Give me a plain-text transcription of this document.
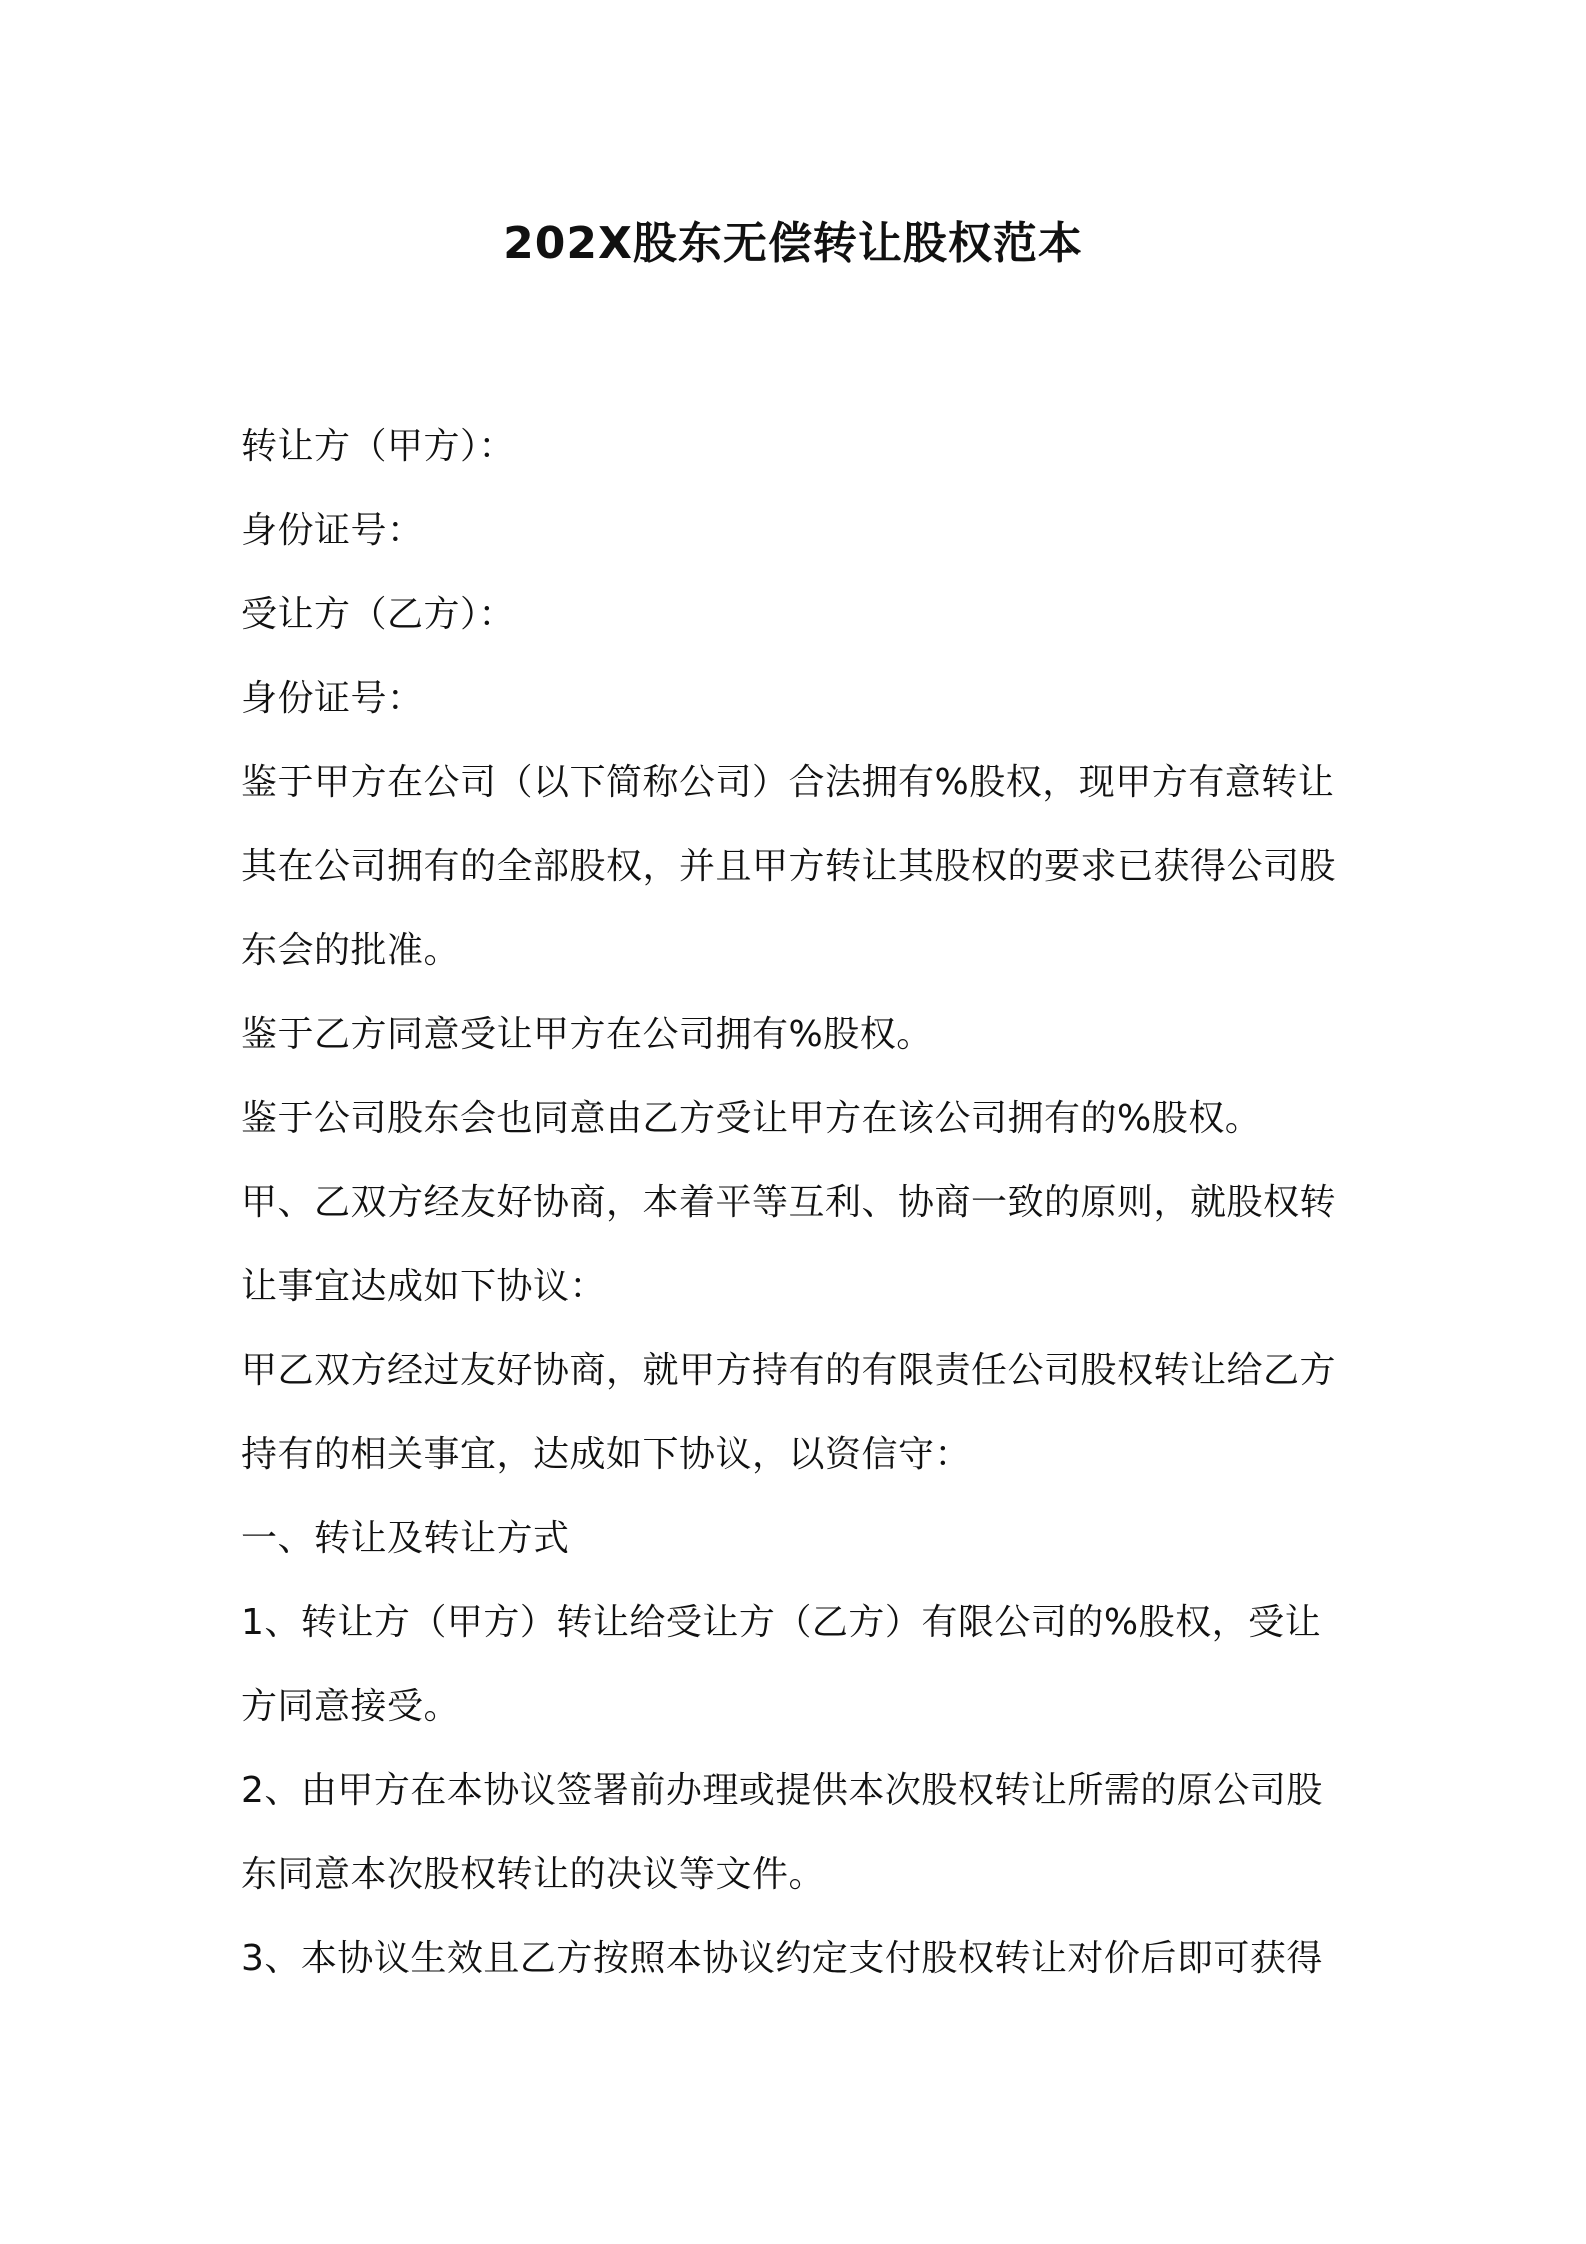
202X股东无偿转让股权范本
转让方（甲方）：
身份证号：
受让方（乙方）：
身份证号：
鉴于甲方在公司（以下简称公司）合法拥有%股权，现甲方有意转让
其在公司拥有的全部股权，并且甲方转让其股权的要求已获得公司股
东会的批准。
鉴于乙方同意受让甲方在公司拥有%股权。
鉴于公司股东会也同意由乙方受让甲方在该公司拥有的%股权。
甲、乙双方经友好协商，本着平等互利、协商一致的原则，就股权转
让事宜达成如下协议：
甲乙双方经过友好协商，就甲方持有的有限责任公司股权转让给乙方
持有的相关事宜，达成如下协议，以资信守：
一、转让及转让方式
1、转让方（甲方）转让给受让方（乙方）有限公司的%股权，受让
方同意接受。
2、由甲方在本协议签署前办理或提供本次股权转让所需的原公司股
东同意本次股权转让的决议等文件。
3、本协议生效且乙方按照本协议约定支付股权转让对价后即可获得
